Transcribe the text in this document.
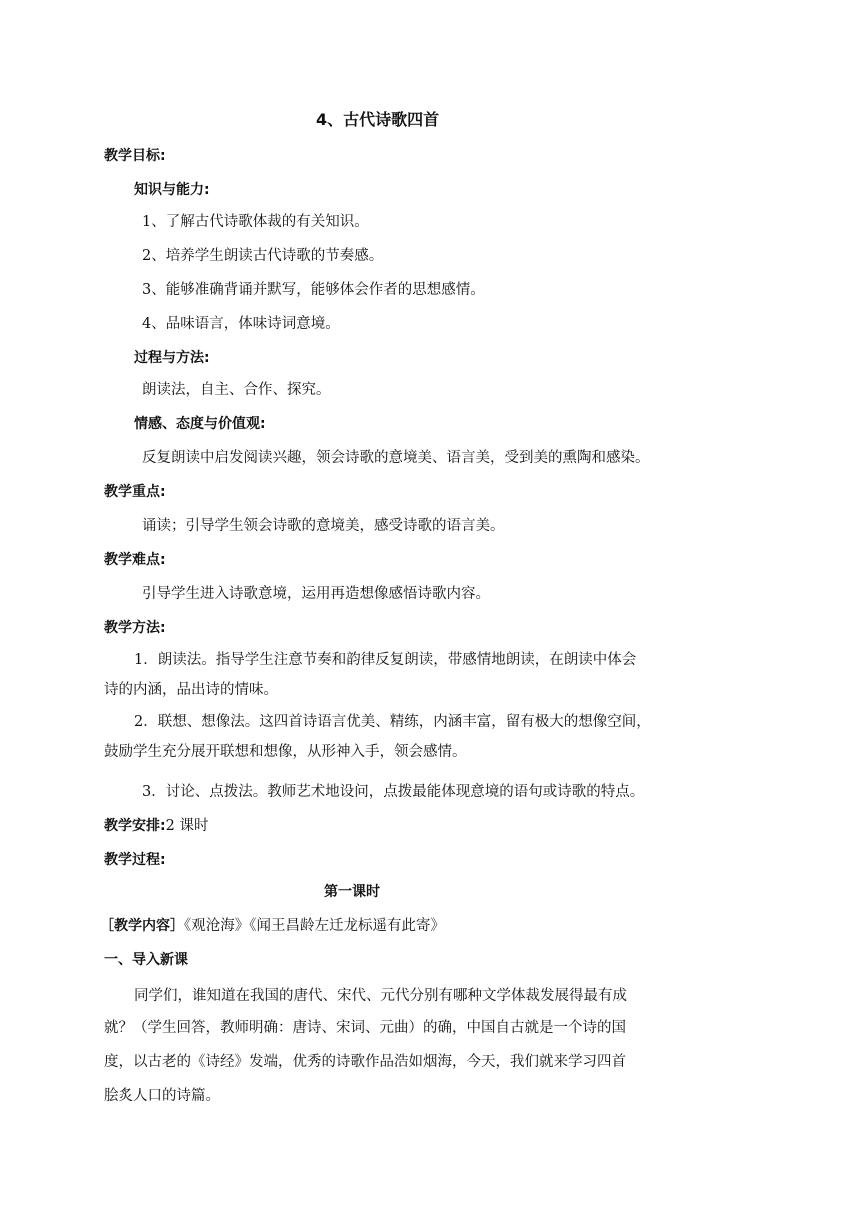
4、古代诗歌四首
教学目标:
知识与能力:
1、了解古代诗歌体裁的有关知识。
2、培养学生朗读古代诗歌的节奏感。
3、能够准确背诵并默写，能够体会作者的思想感情。
4、品味语言，体味诗词意境。
过程与方法:
朗读法，自主、合作、探究。
情感、态度与价值观:
反复朗读中启发阅读兴趣，领会诗歌的意境美、语言美，受到美的熏陶和感染。
教学重点:
诵读；引导学生领会诗歌的意境美，感受诗歌的语言美。
教学难点:
引导学生进入诗歌意境，运用再造想像感悟诗歌内容。
教学方法:
1．朗读法。指导学生注意节奏和韵律反复朗读，带感情地朗读，在朗读中体会
诗的内涵，品出诗的情味。
2．联想、想像法。这四首诗语言优美、精练，内涵丰富，留有极大的想像空间，
鼓励学生充分展开联想和想像，从形神入手，领会感情。
3．讨论、点拨法。教师艺术地设问，点拨最能体现意境的语句或诗歌的特点。
教学安排:2 课时
教学过程:
第一课时
［教学内容］《观沧海》《闻王昌龄左迁龙标遥有此寄》
一、导入新课
同学们，谁知道在我国的唐代、宋代、元代分别有哪种文学体裁发展得最有成
就？（学生回答，教师明确：唐诗、宋词、元曲）的确，中国自古就是一个诗的国
度，以古老的《诗经》发端，优秀的诗歌作品浩如烟海，今天，我们就来学习四首
脍炙人口的诗篇。
